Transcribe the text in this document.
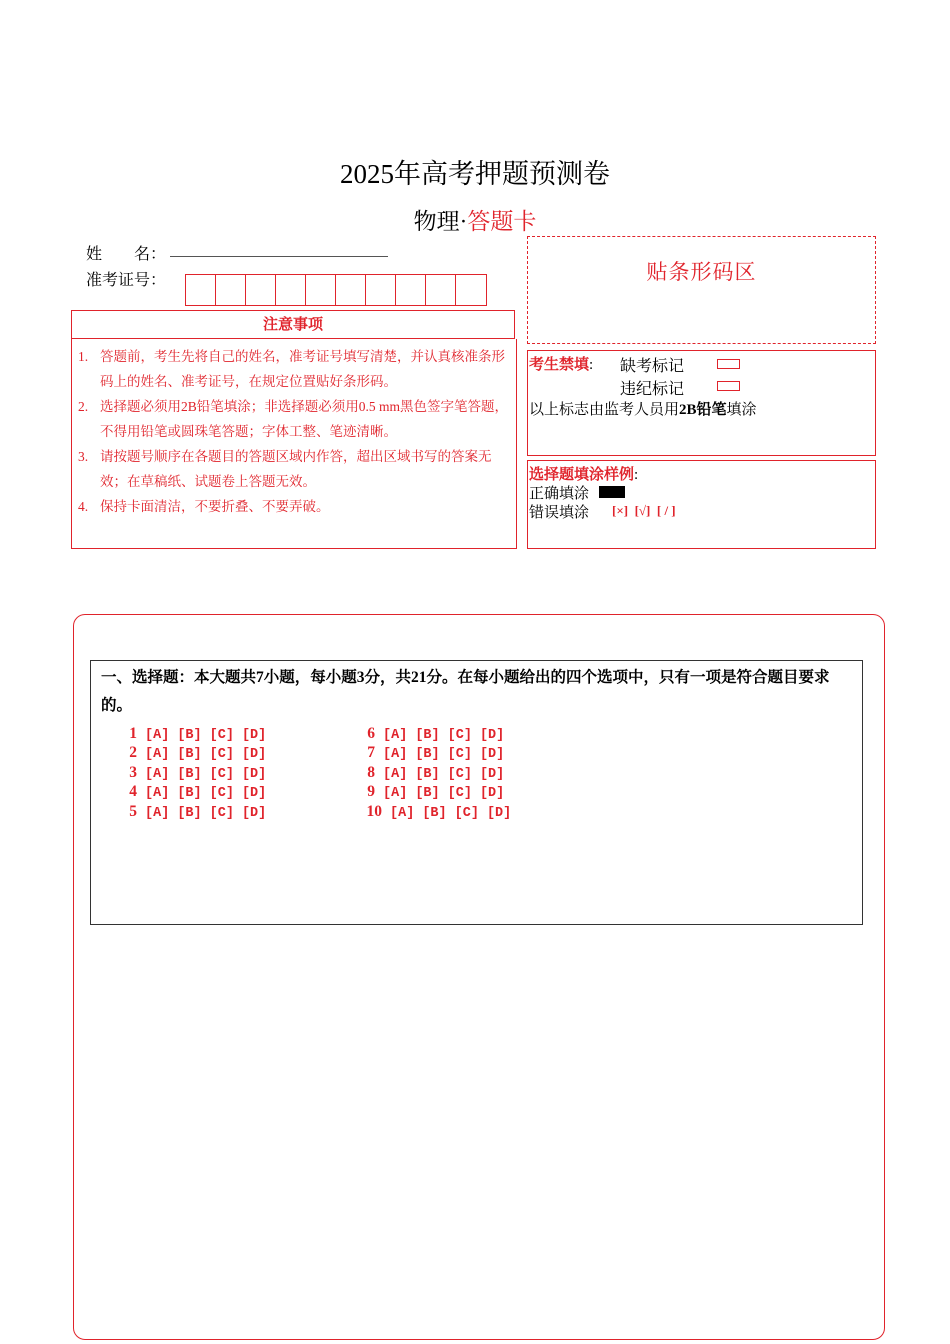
2025年高考押题预测卷
物理·答题卡
姓　　名：
准考证号：
注意事项
1. 答题前，考生先将自己的姓名，准考证号填写清楚，并认真核准条形码上的姓名、准考证号，在规定位置贴好条形码。
2. 选择题必须用2B铅笔填涂；非选择题必须用0.5 mm黑色签字笔答题，不得用铅笔或圆珠笔答题；字体工整、笔迹清晰。
3. 请按题号顺序在各题目的答题区域内作答，超出区域书写的答案无效；在草稿纸、试题卷上答题无效。
4. 保持卡面清洁，不要折叠、不要弄破。
贴条形码区
考生禁填: 缺考标记
违纪标记
以上标志由监考人员用2B铅笔填涂
选择题填涂样例:
正确填涂
错误填涂 [×]  [√]  [ / ]
一、选择题：本大题共7小题，每小题3分，共21分。在每小题给出的四个选项中，只有一项是符合题目要求的。
1 [A] [B] [C] [D]
2 [A] [B] [C] [D]
3 [A] [B] [C] [D]
4 [A] [B] [C] [D]
5 [A] [B] [C] [D]
6 [A] [B] [C] [D]
7 [A] [B] [C] [D]
8 [A] [B] [C] [D]
9 [A] [B] [C] [D]
10 [A] [B] [C] [D]
